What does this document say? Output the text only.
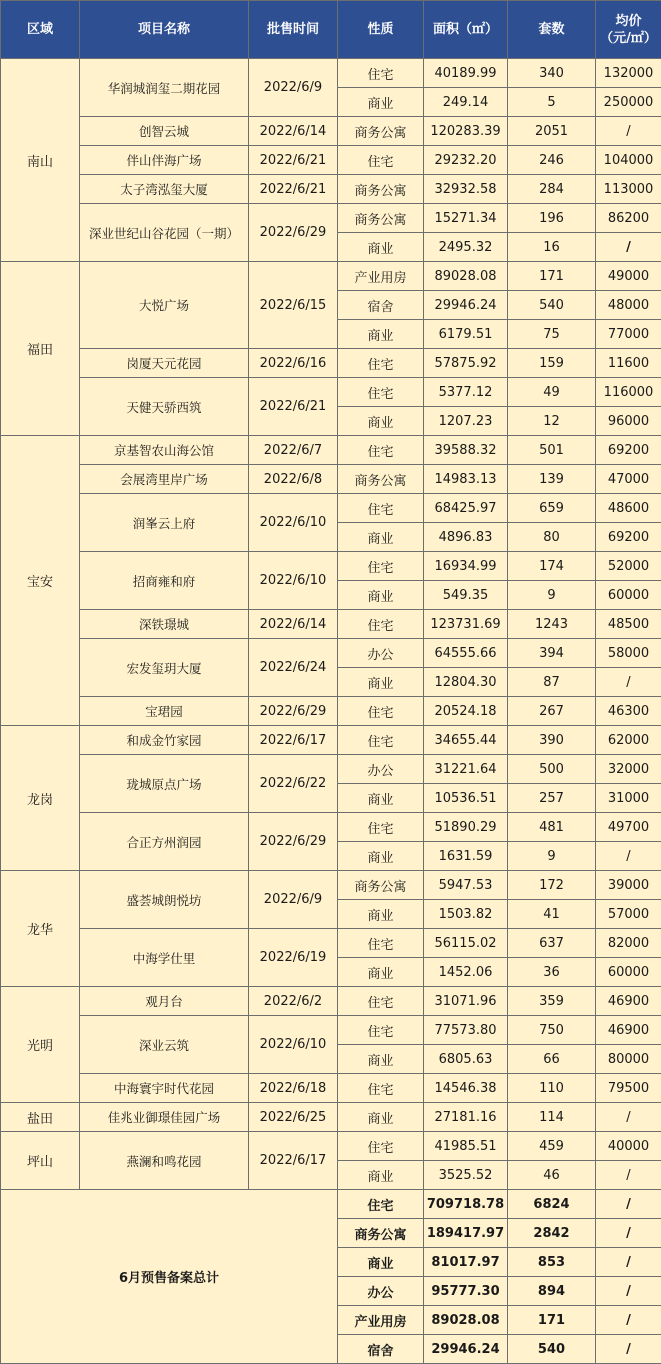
区域	项目名称	批售时间	性质	面积（㎡）	套数	均价
（元/㎡）
南山	华润城润玺二期花园	2022/6/9	住宅	40189.99	340	132000
			商业	249.14	5	250000
	创智云城	2022/6/14	商务公寓	120283.39	2051	/
	伴山伴海广场	2022/6/21	住宅	29232.20	246	104000
	太子湾泓玺大厦	2022/6/21	商务公寓	32932.58	284	113000
	深业世纪山谷花园（一期）	2022/6/29	商务公寓	15271.34	196	86200
			商业	2495.32	16	/
福田	大悦广场	2022/6/15	产业用房	89028.08	171	49000
			宿舍	29946.24	540	48000
			商业	6179.51	75	77000
	岗厦天元花园	2022/6/16	住宅	57875.92	159	11600
	天健天骄西筑	2022/6/21	住宅	5377.12	49	116000
			商业	1207.23	12	96000
宝安	京基智农山海公馆	2022/6/7	住宅	39588.32	501	69200
	会展湾里岸广场	2022/6/8	商务公寓	14983.13	139	47000
	润峯云上府	2022/6/10	住宅	68425.97	659	48600
			商业	4896.83	80	69200
	招商雍和府	2022/6/10	住宅	16934.99	174	52000
			商业	549.35	9	60000
	深铁璟城	2022/6/14	住宅	123731.69	1243	48500
	宏发玺玥大厦	2022/6/24	办公	64555.66	394	58000
			商业	12804.30	87	/
	宝珺园	2022/6/29	住宅	20524.18	267	46300
龙岗	和成金竹家园	2022/6/17	住宅	34655.44	390	62000
	珑城原点广场	2022/6/22	办公	31221.64	500	32000
			商业	10536.51	257	31000
	合正方州润园	2022/6/29	住宅	51890.29	481	49700
			商业	1631.59	9	/
龙华	盛荟城朗悦坊	2022/6/9	商务公寓	5947.53	172	39000
			商业	1503.82	41	57000
	中海学仕里	2022/6/19	住宅	56115.02	637	82000
			商业	1452.06	36	60000
光明	观月台	2022/6/2	住宅	31071.96	359	46900
	深业云筑	2022/6/10	住宅	77573.80	750	46900
			商业	6805.63	66	80000
	中海寰宇时代花园	2022/6/18	住宅	14546.38	110	79500
盐田	佳兆业御璟佳园广场	2022/6/25	商业	27181.16	114	/
坪山	燕澜和鸣花园	2022/6/17	住宅	41985.51	459	40000
			商业	3525.52	46	/
6月预售备案总计			住宅	709718.78	6824	/
			商务公寓	189417.97	2842	/
			商业	81017.97	853	/
			办公	95777.30	894	/
			产业用房	89028.08	171	/
			宿舍	29946.24	540	/
